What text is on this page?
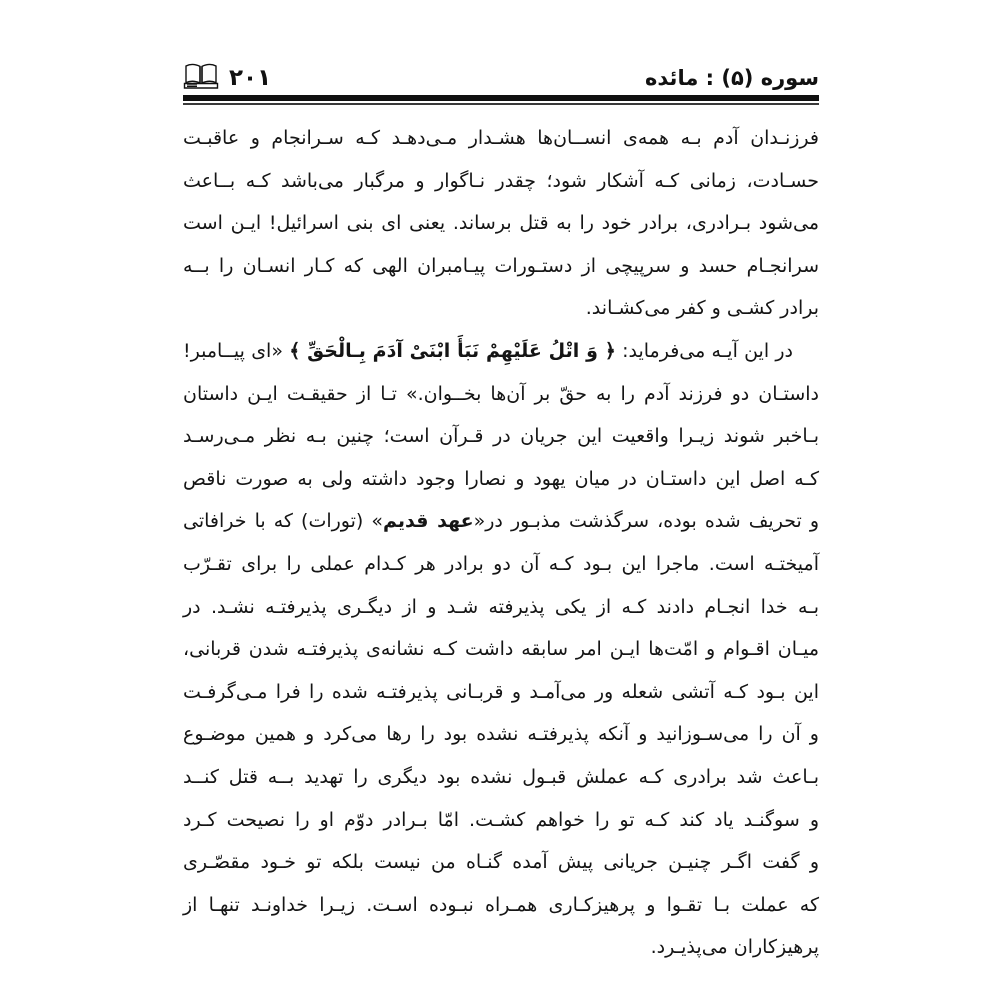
سوره (۵) : مائده
۲۰۱
فرزنـدان آدم بـه همه‌ی انســان‌ها هشـدار مـی‌دهـد کـه سـرانجام و عاقبـت
حسـادت، زمانی کـه آشکار شود؛ چقدر نـاگوار و مرگبار می‌باشد کـه بــاعث
می‌شود بـرادری، برادر خود را به قتل برساند. یعنی ای بنی اسرائیل! ایـن است
سرانجـام حسد و سرپیچی از دستـورات پیـامبران الهی که کـار انسـان را بــه
برادر کشـی و کفر می‌کشـاند.
در این آیـه می‌فرماید: ﴿ وَ اتْلُ عَلَیْهِمْ نَبَأَ ابْنَیْ آدَمَ بِـالْحَقِّ ﴾ «ای پیــامبر!
داستـان دو فرزند آدم را به حقّ بر آن‌ها بخــوان.» تـا از حقیقـت ایـن داستان
بـاخبر شوند زیـرا واقعیت این جریان در قـرآن است؛ چنین بـه نظر مـی‌رسـد
کـه اصل این داستـان در میان یهود و نصارا وجود داشته ولی به صورت ناقص
و تحریف شده بوده، سرگذشت مذبـور در«عهد قدیم» (تورات) که با خرافاتی
آمیختـه است. ماجرا این بـود کـه آن دو برادر هر کـدام عملی را برای تقـرّب
بـه خدا انجـام دادند کـه از یکی پذیرفته شـد و از دیگـری پذیرفتـه نشـد. در
میـان اقـوام و امّت‌ها ایـن امر سابقه داشت کـه نشانه‌ی پذیرفتـه شدن قربانی،
این بـود کـه آتشی شعله ور می‌آمـد و قربـانی پذیرفتـه شده را فرا مـی‌گرفـت
و آن را می‌سـوزانید و آنکه پذیرفتـه نشده بود را رها می‌کرد و همین موضـوع
بـاعث شد برادری کـه عملش قبـول نشده بود دیگری را تهدید بــه قتل کنــد
و سوگنـد یاد کند کـه تو را خواهم کشـت. امّا بـرادر دوّم او را نصیحت کـرد
و گفت اگـر چنیـن جریانی پیش آمده گنـاه من نیست بلکه تو خـود مقصّـری
که عملت بـا تقـوا و پرهیزکـاری همـراه نبـوده اسـت. زیـرا خداونـد تنهـا از
پرهیزکاران می‌پذیـرد.
